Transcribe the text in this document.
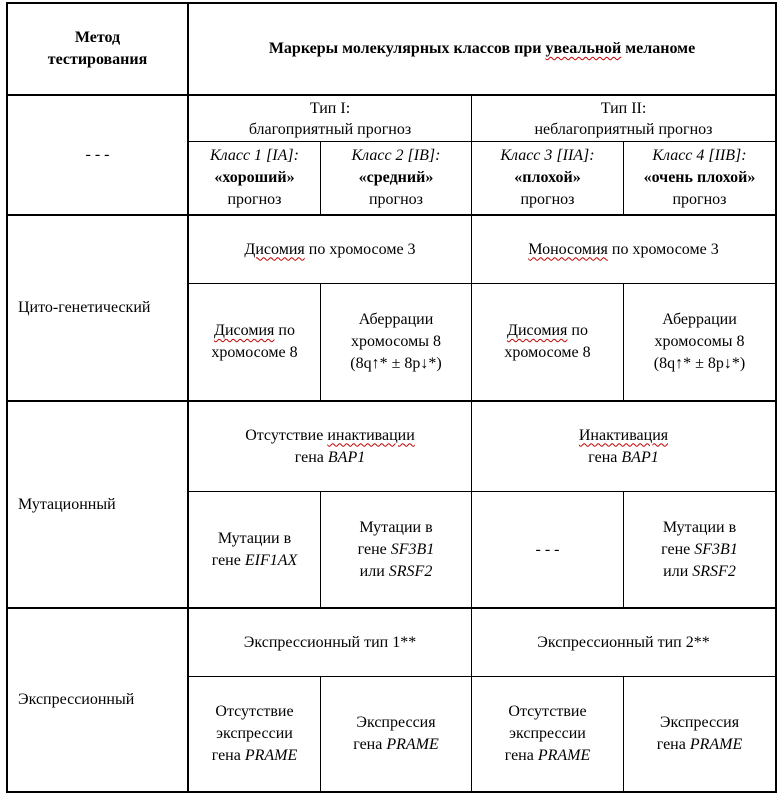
Метод
тестирования
Маркеры молекулярных классов при увеальной меланоме
- - -
Тип I:
благоприятный прогноз
Тип II:
неблагоприятный прогноз
Класс 1 [IA]:
«хороший»
прогноз
Класс 2 [IB]:
«средний»
прогноз
Класс 3 [IIA]:
«плохой»
прогноз
Класс 4 [IIB]:
«очень плохой»
прогноз
Цито-генетический
Дисомия по хромосоме 3	Моносомия по хромосоме 3
Дисомия по
хромосоме 8
Аберрации
хромосомы 8
(8q↑* ± 8p↓*)
Дисомия по
хромосоме 8
Аберрации
хромосомы 8
(8q↑* ± 8p↓*)
Мутационный
Отсутствие инактивации
гена BAP1
Инактивация
гена BAP1
Мутации в
гене EIF1AX
Мутации в
гене SF3B1
или SRSF2
- - -
Мутации в
гене SF3B1
или SRSF2
Экспрессионный
Экспрессионный тип 1**	Экспрессионный тип 2**
Отсутствие
экспрессии
гена PRAME
Экспрессия
гена PRAME
Отсутствие
экспрессии
гена PRAME
Экспрессия
гена PRAME
